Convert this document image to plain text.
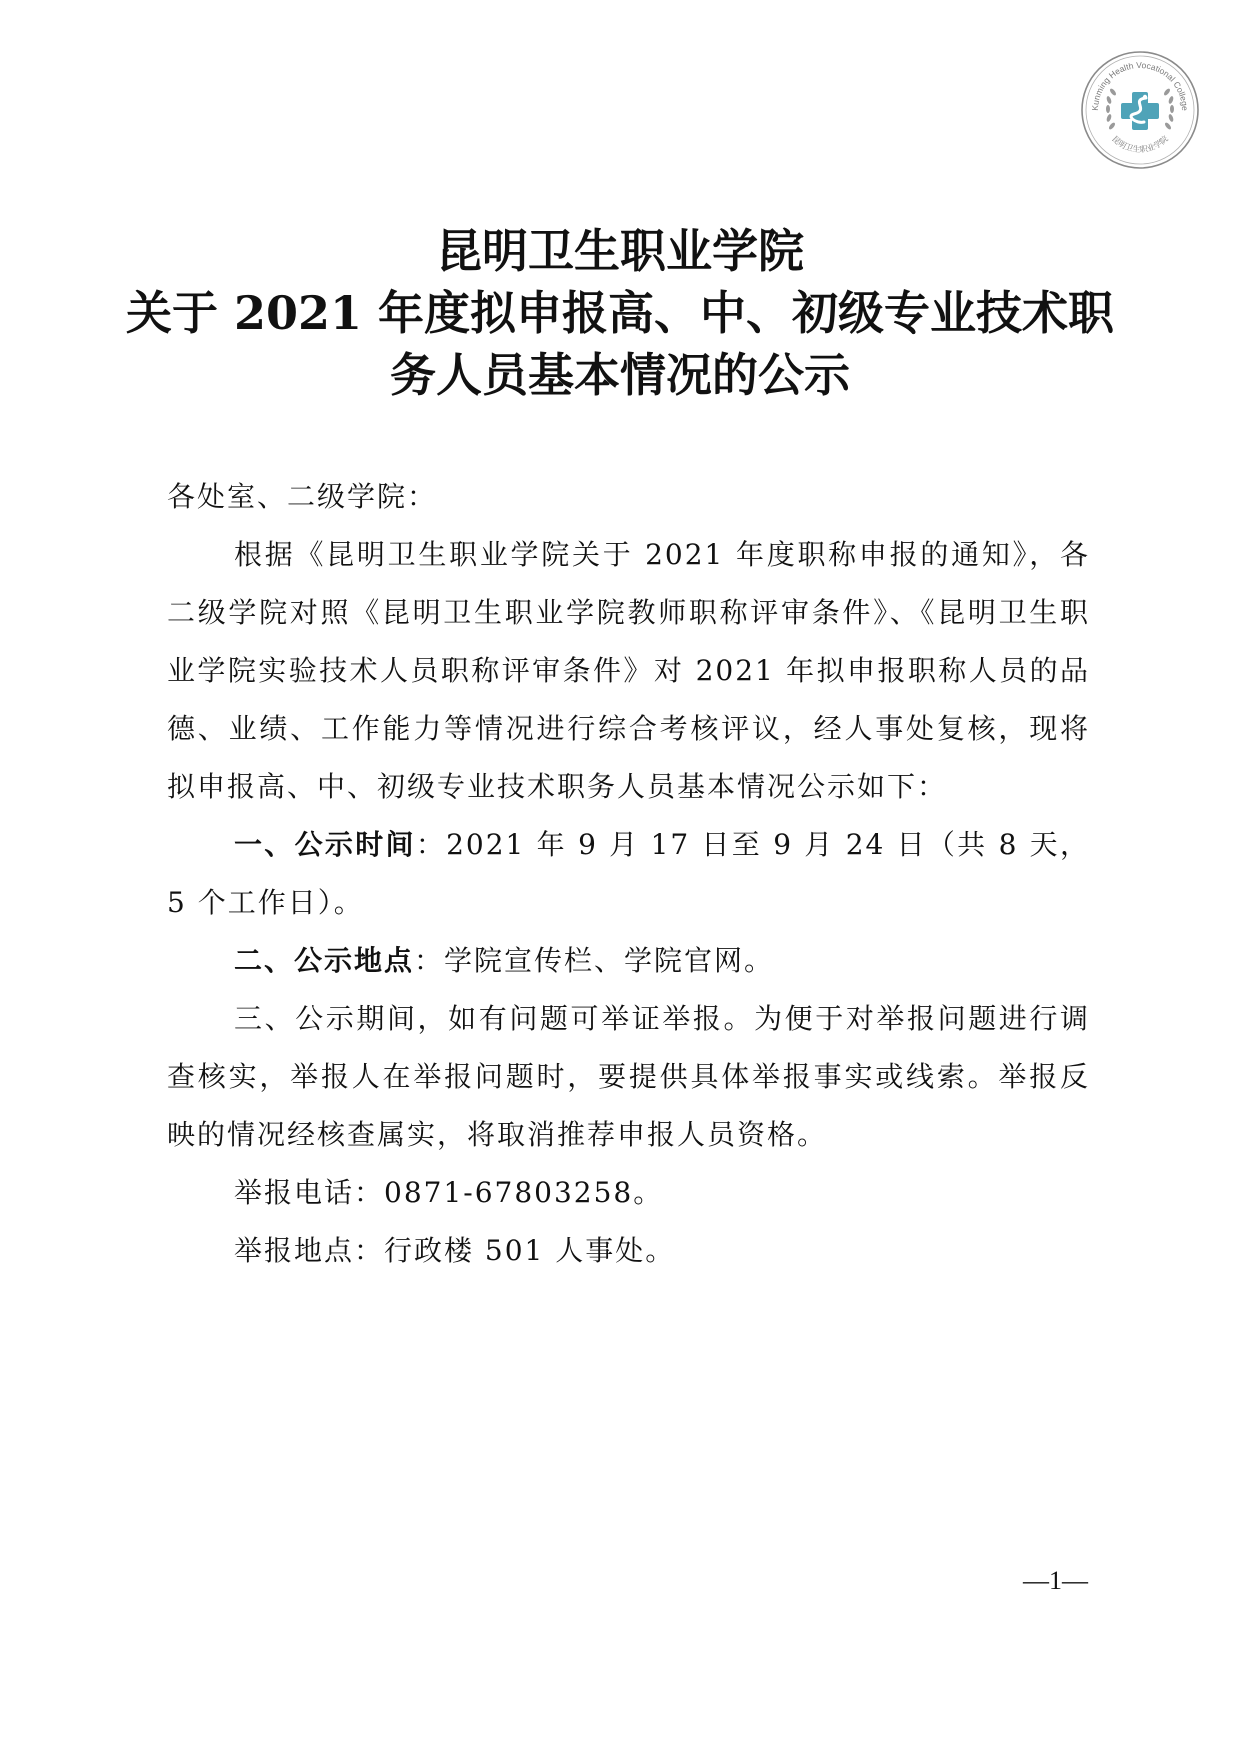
Kunming Health Vocational College
昆明卫生职业学院
昆明卫生职业学院
关于 2021 年度拟申报高、中、初级专业技术职
务人员基本情况的公示

各处室、二级学院：

根据《昆明卫生职业学院关于 2021 年度职称申报的通知》，各二级学院对照《昆明卫生职业学院教师职称评审条件》、《昆明卫生职业学院实验技术人员职称评审条件》对 2021 年拟申报职称人员的品德、业绩、工作能力等情况进行综合考核评议，经人事处复核，现将拟申报高、中、初级专业技术职务人员基本情况公示如下：

一、公示时间：2021 年 9 月 17 日至 9 月 24 日（共 8 天，5 个工作日）。

二、公示地点：学院宣传栏、学院官网。

三、公示期间，如有问题可举证举报。为便于对举报问题进行调查核实，举报人在举报问题时，要提供具体举报事实或线索。举报反映的情况经核查属实，将取消推荐申报人员资格。

举报电话：0871-67803258。

举报地点：行政楼 501 人事处。

—1—
